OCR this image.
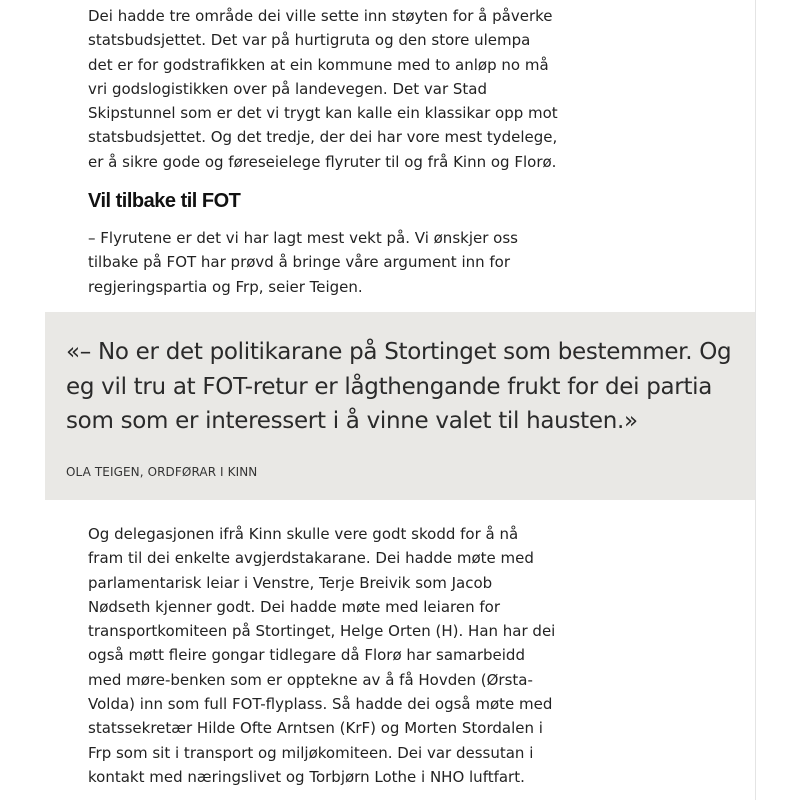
Dei hadde tre område dei ville sette inn støyten for å påverke statsbudsjettet. Det var på hurtigruta og den store ulempa det er for godstrafikken at ein kommune med to anløp no må vri godslogistikken over på landevegen. Det var Stad Skipstunnel som er det vi trygt kan kalle ein klassikar opp mot statsbudsjettet. Og det tredje, der dei har vore mest tydelege, er å sikre gode og føreseielege flyruter til og frå Kinn og Florø.

Vil tilbake til FOT

– Flyrutene er det vi har lagt mest vekt på. Vi ønskjer oss tilbake på FOT har prøvd å bringe våre argument inn for regjeringspartia og Frp, seier Teigen.

«– No er det politikarane på Stortinget som bestemmer. Og eg vil tru at FOT-retur er lågthengande frukt for dei partia som som er interessert i å vinne valet til hausten.»

OLA TEIGEN, ORDFØRAR I KINN

Og delegasjonen ifrå Kinn skulle vere godt skodd for å nå fram til dei enkelte avgjerdstakarane. Dei hadde møte med parlamentarisk leiar i Venstre, Terje Breivik som Jacob Nødseth kjenner godt. Dei hadde møte med leiaren for transportkomiteen på Stortinget, Helge Orten (H). Han har dei også møtt fleire gongar tidlegare då Florø har samarbeidd med møre-benken som er opptekne av å få Hovden (Ørsta-Volda) inn som full FOT-flyplass. Så hadde dei også møte med statssekretær Hilde Ofte Arntsen (KrF) og Morten Stordalen i Frp som sit i transport og miljøkomiteen. Dei var dessutan i kontakt med næringslivet og Torbjørn Lothe i NHO luftfart.
